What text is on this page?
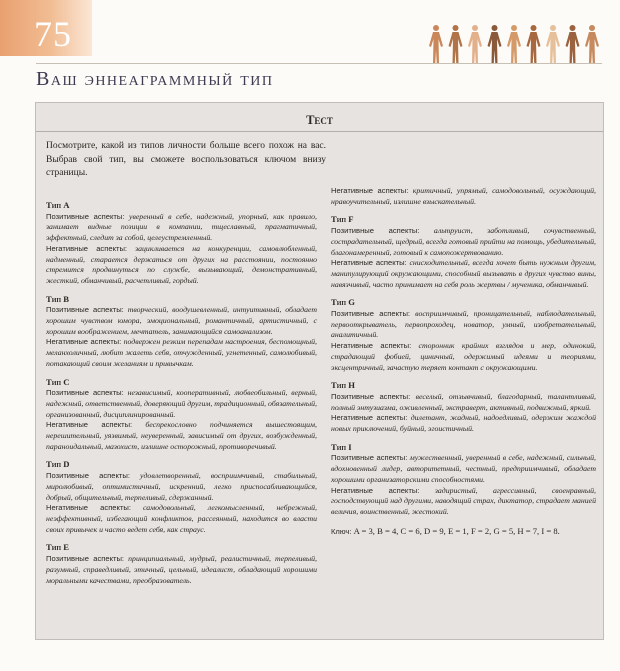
75
Ваш эннеаграммный тип
Тест
Посмотрите, какой из типов личности больше всего похож на вас. Выбрав свой тип, вы сможете воспользоваться ключом внизу страницы.
Тип A

Позитивные аспекты: уверенный в себе, надежный, упорный, как правило, занимает видные позиции в компании, тщеславный, прагматичный, эффектный, следит за собой, целеустремленный.

Негативные аспекты: зацикливается на конкуренции, самовлюбленный, надменный, старается держаться от других на расстоянии, постоянно стремится продвинуться по службе, вызывающий, демонстративный, жесткий, обманчивый, расчетливый, гордый.

Тип B

Позитивные аспекты: творческий, воодушевленный, интуитивный, обладает хорошим чувством юмора, эмоциональный, романтичный, артистичный, с хорошим воображением, мечтатель, занимающийся самоанализом.

Негативные аспекты: подвержен резким перепадам настроения, беспомощный, меланхоличный, любит жалеть себя, отчужденный, угнетенный, самолюбивый, потакающий своим желаниям и привычкам.

Тип C

Позитивные аспекты: независимый, кооперативный, любвеобильный, верный, надежный, ответственный, доверяющий другим, традиционный, обязательный, организованный, дисциплинированный.

Негативные аспекты: беспрекословно подчиняется вышестоящим, нерешительный, уязвимый, неуверенный, зависимый от других, возбужденный, параноидальный, мазохист, излишне осторожный, противоречивый.

Тип D

Позитивные аспекты: удовлетворенный, восприимчивый, стабильный, миролюбивый, оптимистичный, искренний, легко приспосабливающийся, добрый, общительный, терпеливый, сдержанный.

Негативные аспекты: самодовольный, легкомысленный, небрежный, неэффективный, избегающий конфликтов, рассеянный, находится во власти своих привычек и часто ведет себя, как страус.

Тип E

Позитивные аспекты: принципиальный, мудрый, реалистичный, терпеливый, разумный, справедливый, этичный, цельный, идеалист, обладающий хорошими моральными качествами, преобразователь.

Негативные аспекты: критичный, упрямый, самодовольный, осуждающий, нравоучительный, излишне взыскательный.

Тип F

Позитивные аспекты: альтруист, заботливый, сочувственный, сострадательный, щедрый, всегда готовый прийти на помощь, убедительный, благонамеренный, готовый к самопожертвованию.

Негативные аспекты: снисходительный, всегда хочет быть нужным другим, манипулирующий окружающими, способный вызывать в других чувство вины, навязчивый, часто принимает на себя роль жертвы / мученика, обманчивый.

Тип G

Позитивные аспекты: восприимчивый, проницательный, наблюдательный, первооткрыватель, первопроходец, новатор, умный, изобретательный, аналитичный.

Негативные аспекты: сторонник крайних взглядов и мер, одинокий, страдающий фобией, циничный, одержимый идеями и теориями, эксцентричный, зачастую теряет контакт с окружающими.

Тип H

Позитивные аспекты: веселый, отзывчивый, благодарный, талантливый, полный энтузиазма, оживленный, экстраверт, активный, подвижный, яркий.

Негативные аспекты: дилетант, жадный, надоедливый, одержим жаждой новых приключений, буйный, эгоистичный.

Тип I

Позитивные аспекты: мужественный, уверенный в себе, надежный, сильный, вдохновенный лидер, авторитетный, честный, предприимчивый, обладает хорошими организаторскими способностями.

Негативные аспекты: задиристый, агрессивный, своенравный, господствующий над другими, наводящий страх, диктатор, страдает манией величия, воинственный, жестокий.

Ключ: A = 3, B = 4, C = 6, D = 9, E = 1, F = 2, G = 5, H = 7, I = 8.
